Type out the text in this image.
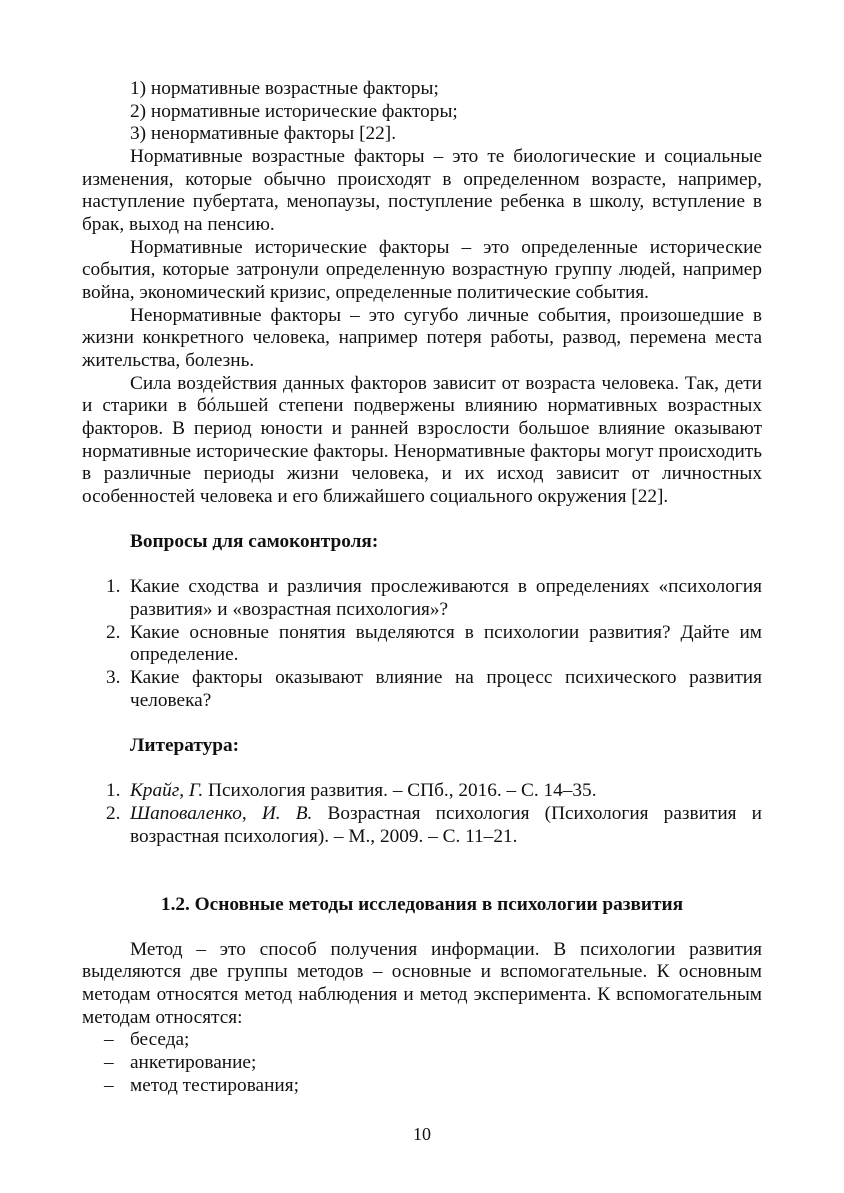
1) нормативные возрастные факторы;

2) нормативные исторические факторы;

3) ненормативные факторы [22].

Нормативные возрастные факторы – это те биологические и социальные изменения, которые обычно происходят в определенном возрасте, например, наступление пубертата, менопаузы, поступление ребенка в школу, вступление в брак, выход на пенсию.

Нормативные исторические факторы – это определенные исторические события, которые затронули определенную возрастную группу людей, например война, экономический кризис, определенные политические события.

Ненормативные факторы – это сугубо личные события, произошедшие в жизни конкретного человека, например потеря работы, развод, перемена места жительства, болезнь.

Сила воздействия данных факторов зависит от возраста человека. Так, дети и старики в бóльшей степени подвержены влиянию нормативных возрастных факторов. В период юности и ранней взрослости большое влияние оказывают нормативные исторические факторы. Ненормативные факторы могут происходить в различные периоды жизни человека, и их исход зависит от личностных особенностей человека и его ближайшего социального окружения [22].

Вопросы для самоконтроля:

1. Какие сходства и различия прослеживаются в определениях «психология развития» и «возрастная психология»?
2. Какие основные понятия выделяются в психологии развития? Дайте им определение.
3. Какие факторы оказывают влияние на процесс психического развития человека?

Литература:

1. Крайг, Г. Психология развития. – СПб., 2016. – С. 14–35.
2. Шаповаленко, И. В. Возрастная психология (Психология развития и возрастная психология). – М., 2009. – С. 11–21.

1.2. Основные методы исследования в психологии развития

Метод – это способ получения информации. В психологии развития выделяются две группы методов – основные и вспомогательные. К основным методам относятся метод наблюдения и метод эксперимента. К вспомогательным методам относятся:

– беседа;
– анкетирование;
– метод тестирования;
10
